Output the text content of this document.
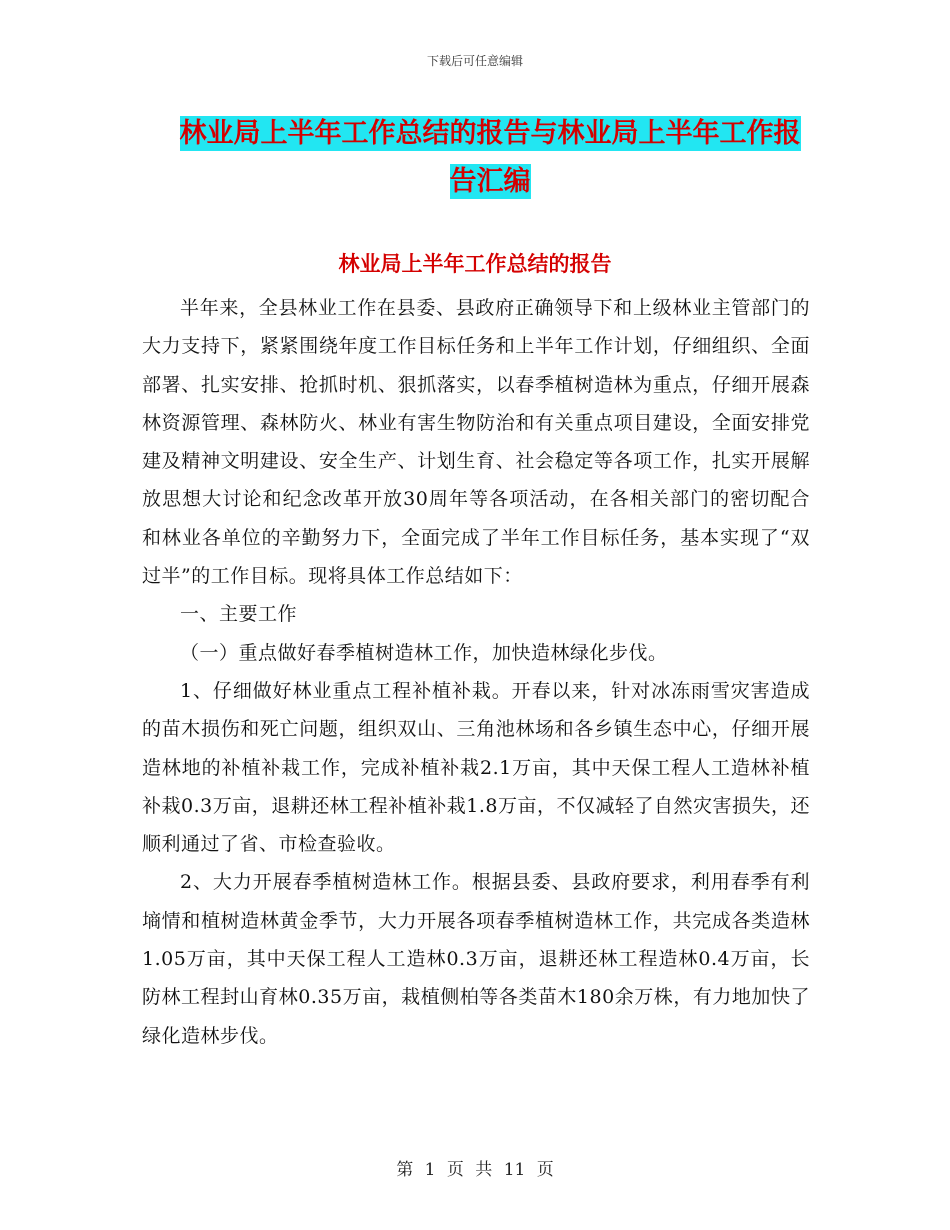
下载后可任意编辑
林业局上半年工作总结的报告与林业局上半年工作报
告汇编
林业局上半年工作总结的报告

半年来，全县林业工作在县委、县政府正确领导下和上级林业主管部门的大力支持下，紧紧围绕年度工作目标任务和上半年工作计划，仔细组织、全面部署、扎实安排、抢抓时机、狠抓落实，以春季植树造林为重点，仔细开展森林资源管理、森林防火、林业有害生物防治和有关重点项目建设，全面安排党建及精神文明建设、安全生产、计划生育、社会稳定等各项工作，扎实开展解放思想大讨论和纪念改革开放30周年等各项活动，在各相关部门的密切配合和林业各单位的辛勤努力下，全面完成了半年工作目标任务，基本实现了“双过半”的工作目标。现将具体工作总结如下：

一、主要工作

（一）重点做好春季植树造林工作，加快造林绿化步伐。

1、仔细做好林业重点工程补植补栽。开春以来，针对冰冻雨雪灾害造成的苗木损伤和死亡问题，组织双山、三角池林场和各乡镇生态中心，仔细开展造林地的补植补栽工作，完成补植补栽2.1万亩，其中天保工程人工造林补植补栽0.3万亩，退耕还林工程补植补栽1.8万亩，不仅减轻了自然灾害损失，还顺利通过了省、市检查验收。

2、大力开展春季植树造林工作。根据县委、县政府要求，利用春季有利墒情和植树造林黄金季节，大力开展各项春季植树造林工作，共完成各类造林1.05万亩，其中天保工程人工造林0.3万亩，退耕还林工程造林0.4万亩，长防林工程封山育林0.35万亩，栽植侧柏等各类苗木180余万株，有力地加快了绿化造林步伐。

第 1 页 共 11 页
